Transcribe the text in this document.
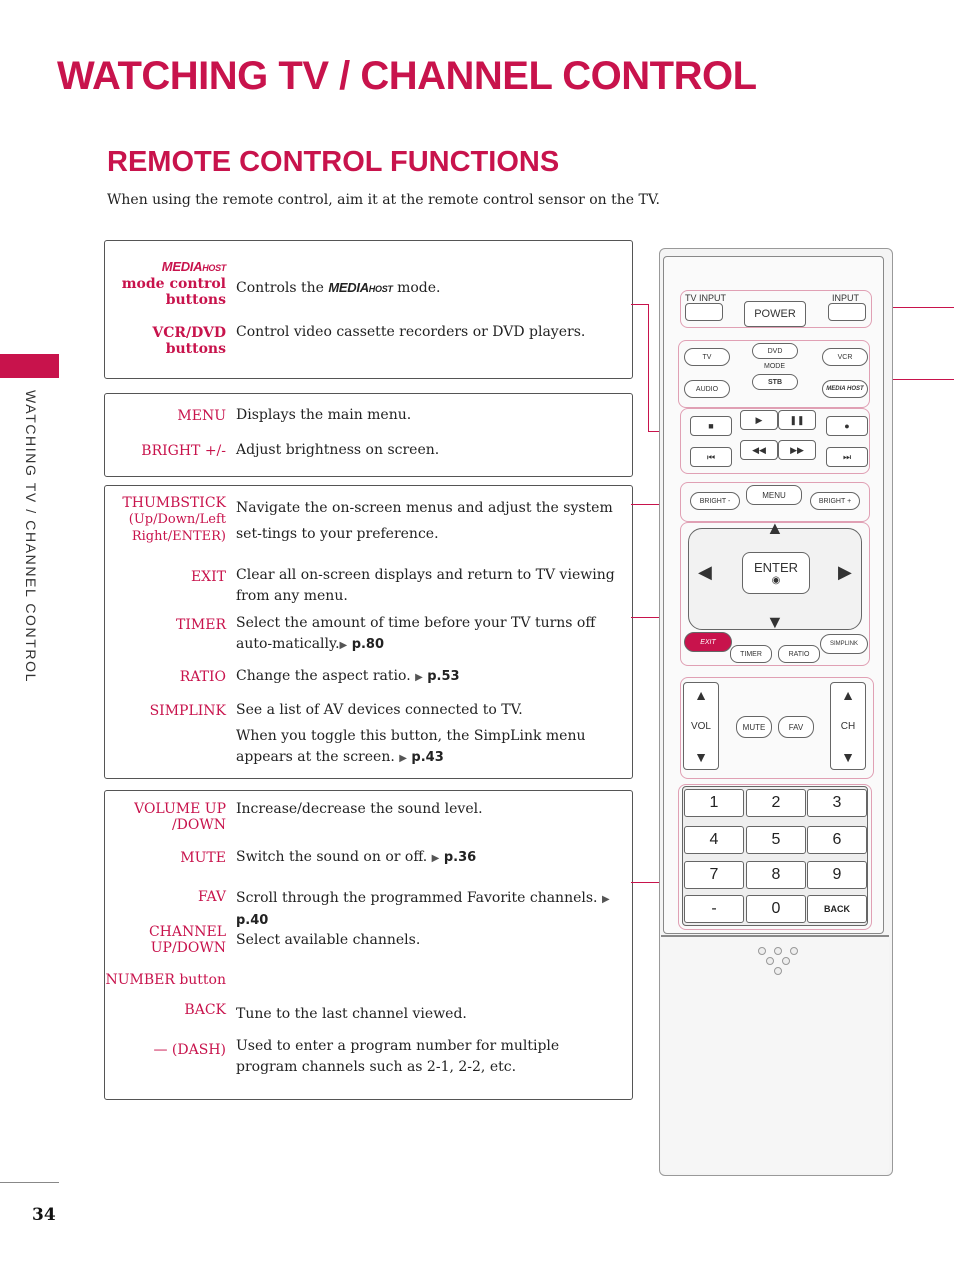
WATCHING TV / CHANNEL CONTROL
REMOTE CONTROL FUNCTIONS
When using the remote control, aim it at the remote control sensor on the TV.
WATCHING TV / CHANNEL CONTROL
34
MEDIAHOST
mode control
buttons
Controls the MEDIAHOST mode.
VCR/DVD
buttons
Control video cassette recorders or DVD players.
MENU Displays the main menu.
BRIGHT +/- Adjust brightness on screen.
THUMBSTICK
(Up/Down/Left
Right/ENTER)
Navigate the on-screen menus and adjust the system set-tings to your preference.
EXIT Clear all on-screen displays and return to TV viewing from any menu.
TIMER Select the amount of time before your TV turns off auto-matically.▶ p.80
RATIO Change the aspect ratio. ▶ p.53
SIMPLINK See a list of AV devices connected to TV.
When you toggle this button, the SimpLink menu appears at the screen. ▶ p.43
VOLUME UP
/DOWN
Increase/decrease the sound level.
MUTE Switch the sound on or off. ▶ p.36
FAV Scroll through the programmed Favorite channels. ▶ p.40
CHANNEL
UP/DOWN Select available channels.
NUMBER button
BACK Tune to the last channel viewed.
— (DASH) Used to enter a program number for multiple
program channels such as 2-1, 2-2, etc.
TV INPUT	INPUT
POWER
TV
DVD
VCR
MODE
AUDIO
STB
MEDIA HOST
■
▶	❚❚
●
⏮
◀◀	▶▶
⏭
BRIGHT -
MENU
BRIGHT +
▲
▼
◀	▶
ENTER
◉
EXIT
TIMER	RATIO
SIMPLINK
▲
VOL
▼
▲
CH
▼
MUTE	FAV
1	2	3
4	5	6
7	8	9
-	0	BACK
